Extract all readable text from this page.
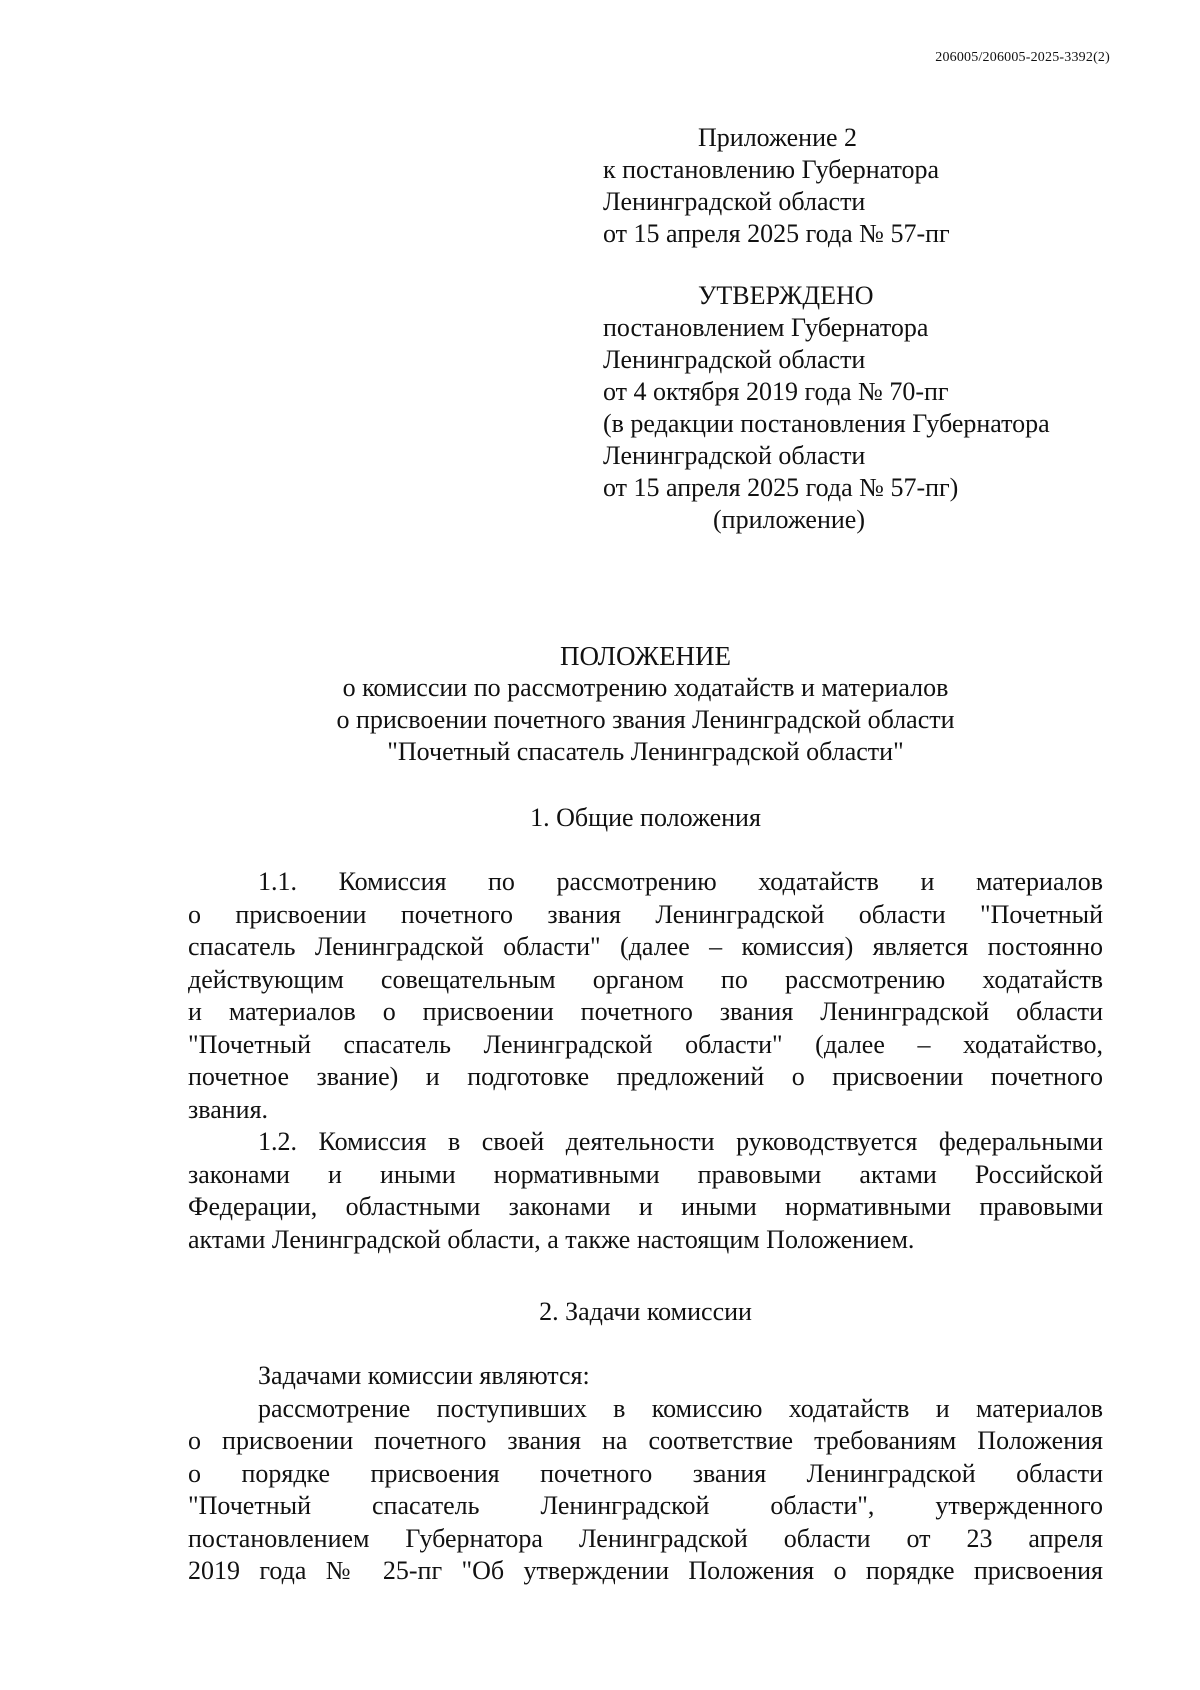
206005/206005-2025-3392(2)
Приложение 2
к постановлению Губернатора
Ленинградской области
от 15 апреля 2025 года № 57-пг
УТВЕРЖДЕНО
постановлением Губернатора
Ленинградской области
от 4 октября 2019 года № 70-пг
(в редакции постановления Губернатора
Ленинградской области
от 15 апреля 2025 года № 57-пг)
(приложение)
ПОЛОЖЕНИЕ
о комиссии по рассмотрению ходатайств и материалов
о присвоении почетного звания Ленинградской области
"Почетный спасатель Ленинградской области"
1. Общие положения

1.1. Комиссия по рассмотрению ходатайств и материалов
о присвоении почетного звания Ленинградской области "Почетный
спасатель Ленинградской области" (далее – комиссия) является постоянно
действующим совещательным органом по рассмотрению ходатайств
и материалов о присвоении почетного звания Ленинградской области
"Почетный спасатель Ленинградской области" (далее – ходатайство,
почетное звание) и подготовке предложений о присвоении почетного
звания.

1.2. Комиссия в своей деятельности руководствуется федеральными
законами и иными нормативными правовыми актами Российской
Федерации, областными законами и иными нормативными правовыми
актами Ленинградской области, а также настоящим Положением.

2. Задачи комиссии

Задачами комиссии являются:

рассмотрение поступивших в комиссию ходатайств и материалов
о присвоении почетного звания на соответствие требованиям Положения
о порядке присвоения почетного звания Ленинградской области
"Почетный спасатель Ленинградской области", утвержденного
постановлением Губернатора Ленинградской области от 23 апреля
2019 года № 25-пг "Об утверждении Положения о порядке присвоения
